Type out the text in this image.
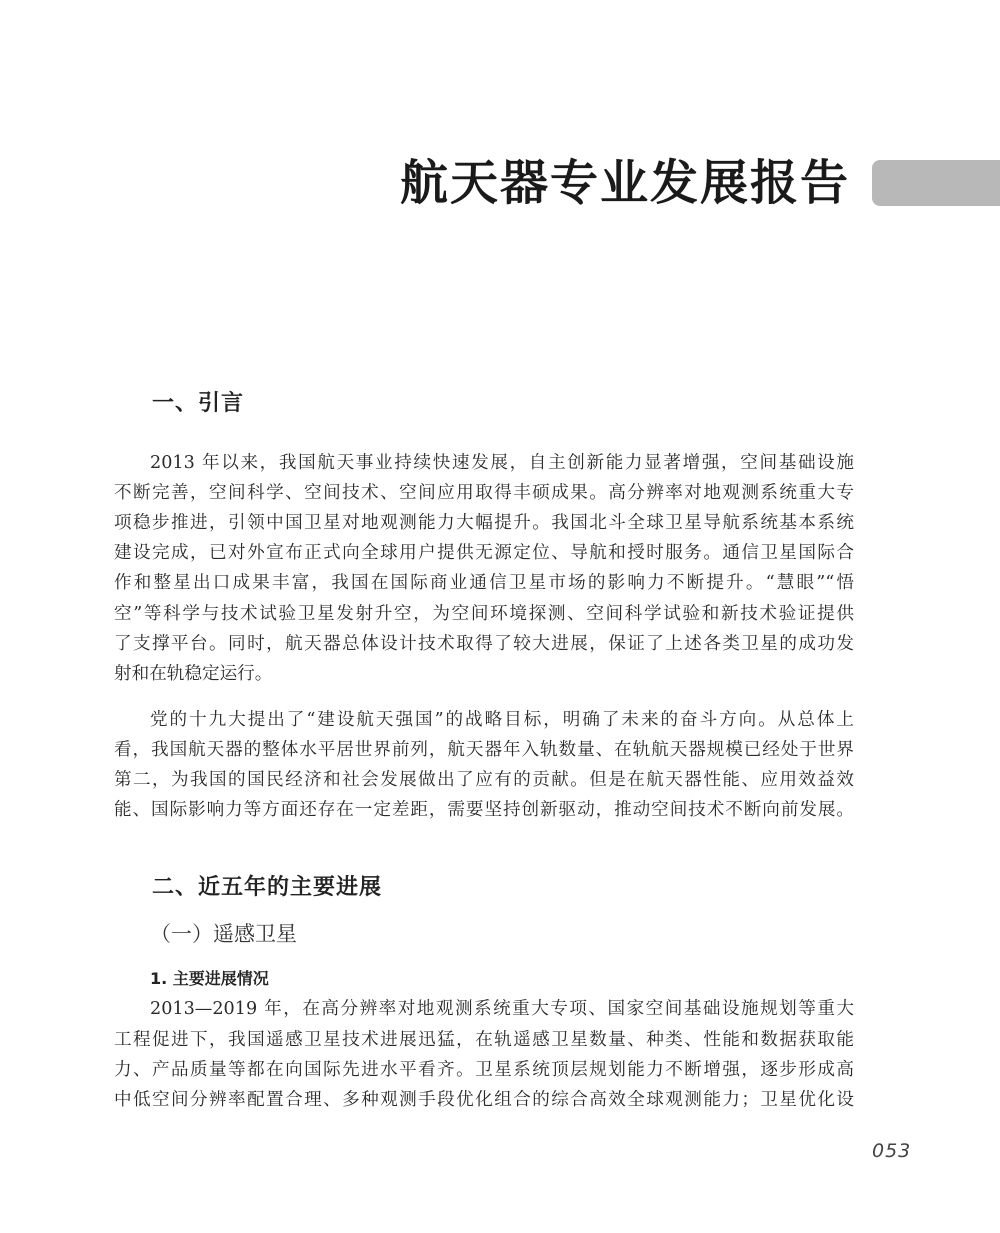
航天器专业发展报告
一、引言

2013 年以来，我国航天事业持续快速发展，自主创新能力显著增强，空间基础设施

不断完善，空间科学、空间技术、空间应用取得丰硕成果。高分辨率对地观测系统重大专

项稳步推进，引领中国卫星对地观测能力大幅提升。我国北斗全球卫星导航系统基本系统

建设完成，已对外宣布正式向全球用户提供无源定位、导航和授时服务。通信卫星国际合

作和整星出口成果丰富，我国在国际商业通信卫星市场的影响力不断提升。“慧眼”“悟

空”等科学与技术试验卫星发射升空，为空间环境探测、空间科学试验和新技术验证提供

了支撑平台。同时，航天器总体设计技术取得了较大进展，保证了上述各类卫星的成功发

射和在轨稳定运行。

党的十九大提出了“建设航天强国”的战略目标，明确了未来的奋斗方向。从总体上

看，我国航天器的整体水平居世界前列，航天器年入轨数量、在轨航天器规模已经处于世界

第二，为我国的国民经济和社会发展做出了应有的贡献。但是在航天器性能、应用效益效

能、国际影响力等方面还存在一定差距，需要坚持创新驱动，推动空间技术不断向前发展。

二、近五年的主要进展
（一）遥感卫星
1. 主要进展情况

2013—2019 年，在高分辨率对地观测系统重大专项、国家空间基础设施规划等重大

工程促进下，我国遥感卫星技术进展迅猛，在轨遥感卫星数量、种类、性能和数据获取能

力、产品质量等都在向国际先进水平看齐。卫星系统顶层规划能力不断增强，逐步形成高

中低空间分辨率配置合理、多种观测手段优化组合的综合高效全球观测能力；卫星优化设

053
